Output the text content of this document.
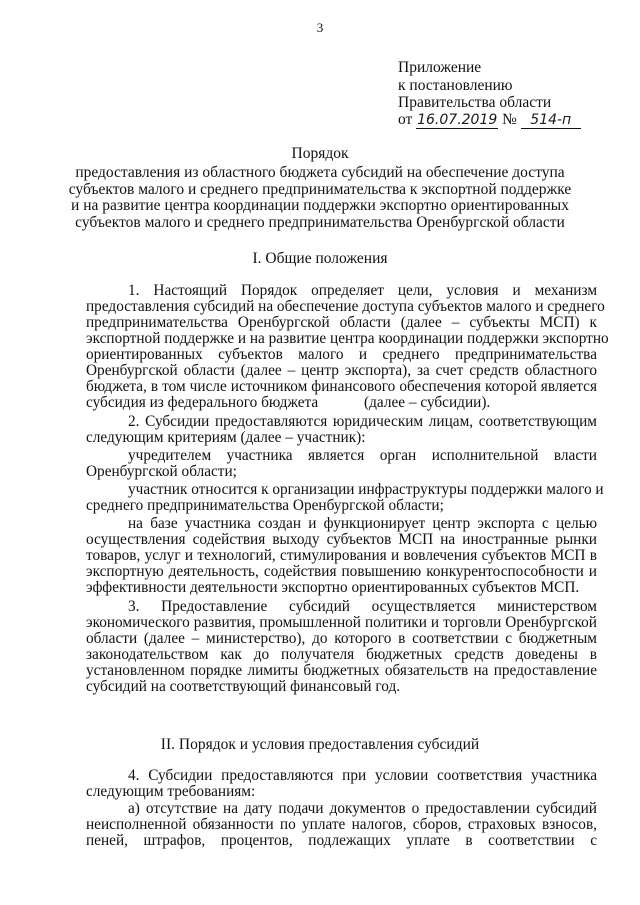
3
Приложение
к постановлению
Правительства области
от 16.07.2019 № 514-п
Порядок
предоставления из областного бюджета субсидий на обеспечение доступа
субъектов малого и среднего предпринимательства к экспортной поддержке
и на развитие центра координации поддержки экспортно ориентированных
субъектов малого и среднего предпринимательства Оренбургской области
I. Общие положения
1. Настоящий Порядок определяет цели, условия и механизм
предоставления субсидий на обеспечение доступа субъектов малого и среднего
предпринимательства Оренбургской области (далее – субъекты МСП) к
экспортной поддержке и на развитие центра координации поддержки экспортно
ориентированных субъектов малого и среднего предпринимательства
Оренбургской области (далее – центр экспорта), за счет средств областного
бюджета, в том числе источником финансового обеспечения которой является
субсидия из федерального бюджета            (далее – субсидии).
2. Субсидии предоставляются юридическим лицам, соответствующим
следующим критериям (далее – участник):
учредителем участника является орган исполнительной власти
Оренбургской области;
участник относится к организации инфраструктуры поддержки малого и
среднего предпринимательства Оренбургской области;
на базе участника создан и функционирует центр экспорта с целью
осуществления содействия выходу субъектов МСП на иностранные рынки
товаров, услуг и технологий, стимулирования и вовлечения субъектов МСП в
экспортную деятельность, содействия повышению конкурентоспособности и
эффективности деятельности экспортно ориентированных субъектов МСП.
3. Предоставление субсидий осуществляется министерством
экономического развития, промышленной политики и торговли Оренбургской
области (далее – министерство), до которого в соответствии с бюджетным
законодательством как до получателя бюджетных средств доведены в
установленном порядке лимиты бюджетных обязательств на предоставление
субсидий на соответствующий финансовый год.
II. Порядок и условия предоставления субсидий
4. Субсидии предоставляются при условии соответствия участника
следующим требованиям:
а) отсутствие на дату подачи документов о предоставлении субсидий
неисполненной обязанности по уплате налогов, сборов, страховых взносов,
пеней, штрафов, процентов, подлежащих уплате в соответствии с
